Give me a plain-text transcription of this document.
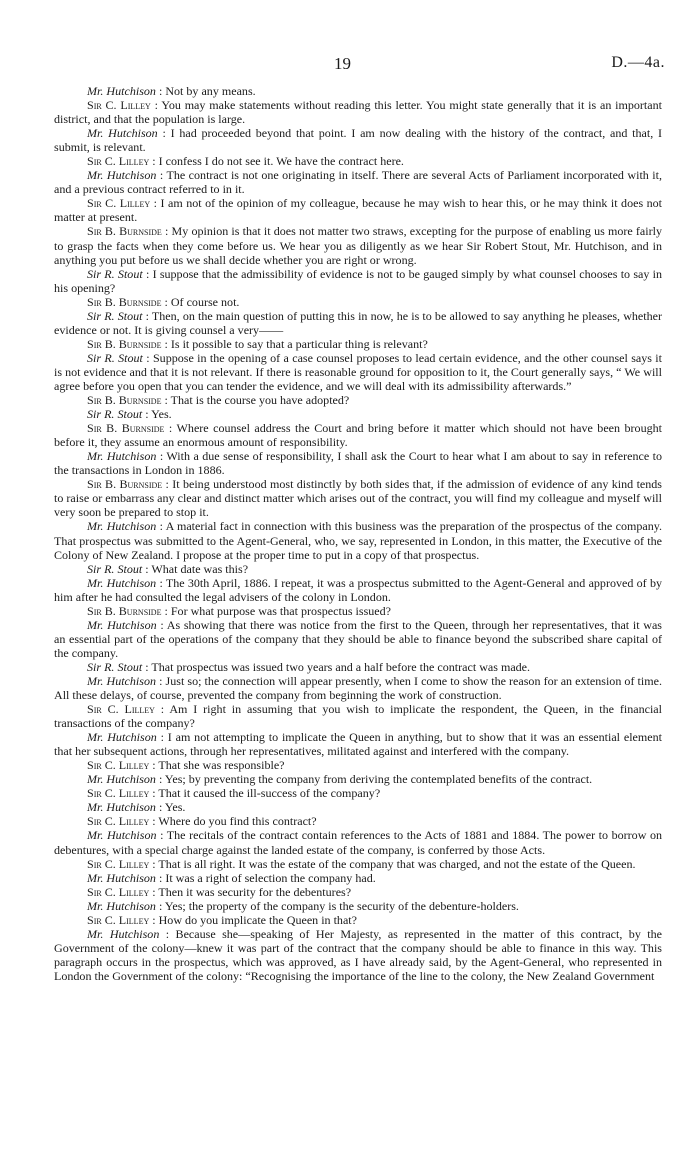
19	D.—4a.

Mr. Hutchison : Not by any means.

Sir C. Lilley : You may make statements without reading this letter. You might state generally that it is an important district, and that the population is large.

Mr. Hutchison : I had proceeded beyond that point. I am now dealing with the history of the contract, and that, I submit, is relevant.

Sir C. Lilley : I confess I do not see it. We have the contract here.

Mr. Hutchison : The contract is not one originating in itself. There are several Acts of Parliament incorporated with it, and a previous contract referred to in it.

Sir C. Lilley : I am not of the opinion of my colleague, because he may wish to hear this, or he may think it does not matter at present.

Sir B. Burnside : My opinion is that it does not matter two straws, excepting for the purpose of enabling us more fairly to grasp the facts when they come before us. We hear you as diligently as we hear Sir Robert Stout, Mr. Hutchison, and in anything you put before us we shall decide whether you are right or wrong.

Sir R. Stout : I suppose that the admissibility of evidence is not to be gauged simply by what counsel chooses to say in his opening?

Sir B. Burnside : Of course not.

Sir R. Stout : Then, on the main question of putting this in now, he is to be allowed to say anything he pleases, whether evidence or not. It is giving counsel a very——

Sir B. Burnside : Is it possible to say that a particular thing is relevant?

Sir R. Stout : Suppose in the opening of a case counsel proposes to lead certain evidence, and the other counsel says it is not evidence and that it is not relevant. If there is reasonable ground for opposition to it, the Court generally says, “ We will agree before you open that you can tender the evidence, and we will deal with its admissibility afterwards.”

Sir B. Burnside : That is the course you have adopted?

Sir R. Stout : Yes.

Sir B. Burnside : Where counsel address the Court and bring before it matter which should not have been brought before it, they assume an enormous amount of responsibility.

Mr. Hutchison : With a due sense of responsibility, I shall ask the Court to hear what I am about to say in reference to the transactions in London in 1886.

Sir B. Burnside : It being understood most distinctly by both sides that, if the admission of evidence of any kind tends to raise or embarrass any clear and distinct matter which arises out of the contract, you will find my colleague and myself will very soon be prepared to stop it.

Mr. Hutchison : A material fact in connection with this business was the preparation of the prospectus of the company. That prospectus was submitted to the Agent-General, who, we say, represented in London, in this matter, the Executive of the Colony of New Zealand. I propose at the proper time to put in a copy of that prospectus.

Sir R. Stout : What date was this?

Mr. Hutchison : The 30th April, 1886. I repeat, it was a prospectus submitted to the Agent-General and approved of by him after he had consulted the legal advisers of the colony in London.

Sir B. Burnside : For what purpose was that prospectus issued?

Mr. Hutchison : As showing that there was notice from the first to the Queen, through her representatives, that it was an essential part of the operations of the company that they should be able to finance beyond the subscribed share capital of the company.

Sir R. Stout : That prospectus was issued two years and a half before the contract was made.

Mr. Hutchison : Just so; the connection will appear presently, when I come to show the reason for an extension of time. All these delays, of course, prevented the company from beginning the work of construction.

Sir C. Lilley : Am I right in assuming that you wish to implicate the respondent, the Queen, in the financial transactions of the company?

Mr. Hutchison : I am not attempting to implicate the Queen in anything, but to show that it was an essential element that her subsequent actions, through her representatives, militated against and interfered with the company.

Sir C. Lilley : That she was responsible?

Mr. Hutchison : Yes; by preventing the company from deriving the contemplated benefits of the contract.

Sir C. Lilley : That it caused the ill-success of the company?

Mr. Hutchison : Yes.

Sir C. Lilley : Where do you find this contract?

Mr. Hutchison : The recitals of the contract contain references to the Acts of 1881 and 1884. The power to borrow on debentures, with a special charge against the landed estate of the company, is conferred by those Acts.

Sir C. Lilley : That is all right. It was the estate of the company that was charged, and not the estate of the Queen.

Mr. Hutchison : It was a right of selection the company had.

Sir C. Lilley : Then it was security for the debentures?

Mr. Hutchison : Yes; the property of the company is the security of the debenture-holders.

Sir C. Lilley : How do you implicate the Queen in that?

Mr. Hutchison : Because she—speaking of Her Majesty, as represented in the matter of this contract, by the Government of the colony—knew it was part of the contract that the company should be able to finance in this way. This paragraph occurs in the prospectus, which was approved, as I have already said, by the Agent-General, who represented in London the Government of the colony: “Recognising the importance of the line to the colony, the New Zealand Government
